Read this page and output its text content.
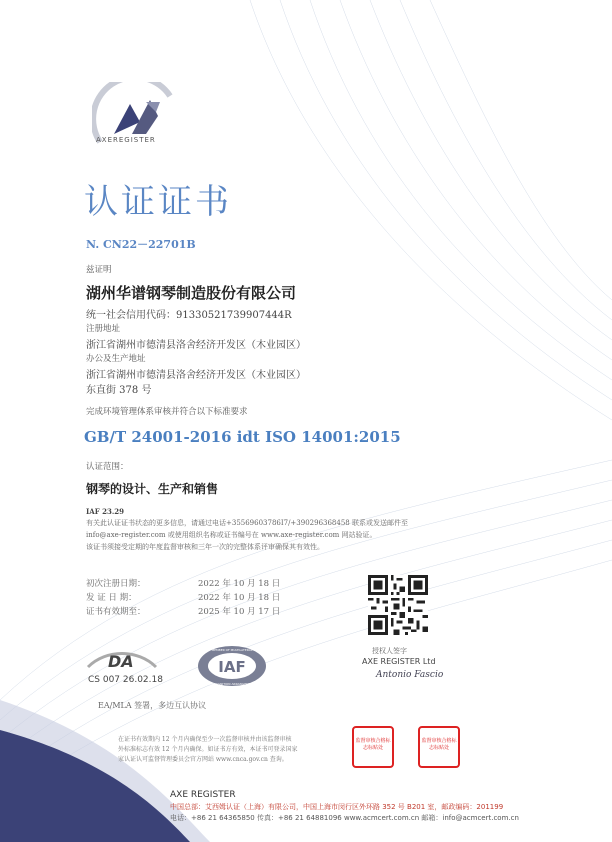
AXEREGISTER
认证证书
N. CN22－22701B
兹证明
湖州华谱钢琴制造股份有限公司
统一社会信用代码：91330521739907444R
注册地址
浙江省湖州市德清县洛舍经济开发区（木业园区）
办公及生产地址
浙江省湖州市德清县洛舍经济开发区（木业园区）
东直街 378 号
完成环境管理体系审核并符合以下标准要求
GB/T 24001-2016 idt ISO 14001:2015
认证范围：
钢琴的设计、生产和销售
IAF 23.29
有关此认证证书状态的更多信息，请通过电话+35569603786I7/+390296368458 联系或发送邮件至
info@axe-register.com 或使用组织名称或证书编号在 www.axe-register.com 网站验证。
该证书须接受定期的年度监督审核和三年一次的完整体系评审确保其有效性。
初次注册日期：	2022 年 10 月 18 日
发 证 日 期：	2022 年 10 月 18 日
证书有效期至：	2025 年 10 月 17 日
DA
CS 007 26.02.18
IAF
MEMBER OF MULTILATERAL
RECOGNITION ARRANGEMENT
EA/MLA 签署，多边互认协议
授权人签字
AXE REGISTER Ltd
Antonio Fascio
在证书有效期内 12 个月内确保至少一次监督审核并由该监督审核
外标准标志有效 12 个月内确保。如证书方有效，本证书可登录国家
家认证认可监督管理委员会官方网站 www.cnca.gov.cn 查询。
监督审核合格标志标贴处
监督审核合格标志标贴处
AXE REGISTER
中国总部：艾西姆认证（上海）有限公司，中国上海市闵行区外环路 352 号 B201 室，邮政编码：201199
电话：+86 21 64365850 传真：+86 21 64881096 www.acmcert.com.cn 邮箱：info@acmcert.com.cn
